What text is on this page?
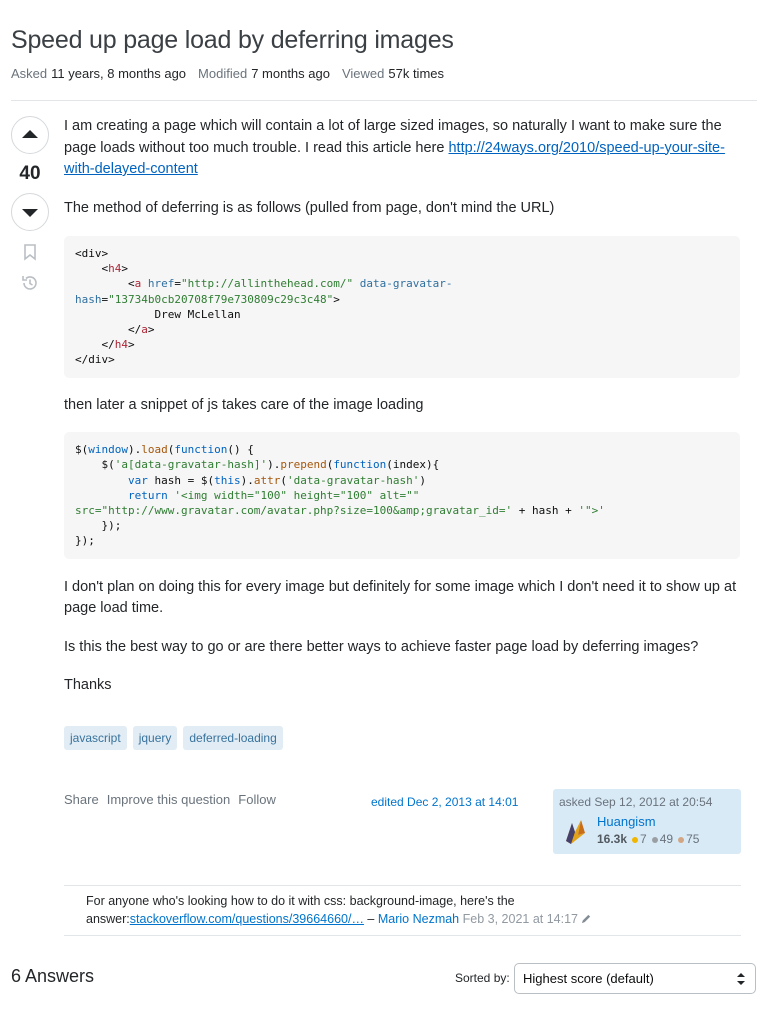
Speed up page load by deferring images
Asked 11 years, 8 months ago Modified 7 months ago Viewed 57k times
40

I am creating a page which will contain a lot of large sized images, so naturally I want to make sure the page loads without too much trouble. I read this article here http://24ways.org/2010/speed-up-your-site-with-delayed-content

The method of deferring is as follows (pulled from page, don't mind the URL)

<div>
<h4>
<a href="http://allinthehead.com/" data-gravatar-
hash="13734b0cb20708f79e730809c29c3c48">
Drew McLellan
</a>
</h4>
</div>

then later a snippet of js takes care of the image loading

$(window).load(function() {
$('a[data-gravatar-hash]').prepend(function(index){
var hash = $(this).attr('data-gravatar-hash')
return '<img width="100" height="100" alt=""
src="http://www.gravatar.com/avatar.php?size=100&amp;gravatar_id=' + hash + '">'
});
});

I don't plan on doing this for every image but definitely for some image which I don't need it to show up at page load time.

Is this the best way to go or are there better ways to achieve faster page load by deferring images?

Thanks

javascript	jquery	deferred-loading
Share Improve this question Follow	edited Dec 2, 2013 at 14:01	asked Sep 12, 2012 at 20:54
Huangism
16.3k	7	49	75
For anyone who's looking how to do it with css: background-image, here's the answer:stackoverflow.com/questions/39664660/… – Mario Nezmah Feb 3, 2021 at 14:17
6 Answers	Sorted by:	Highest score (default)
